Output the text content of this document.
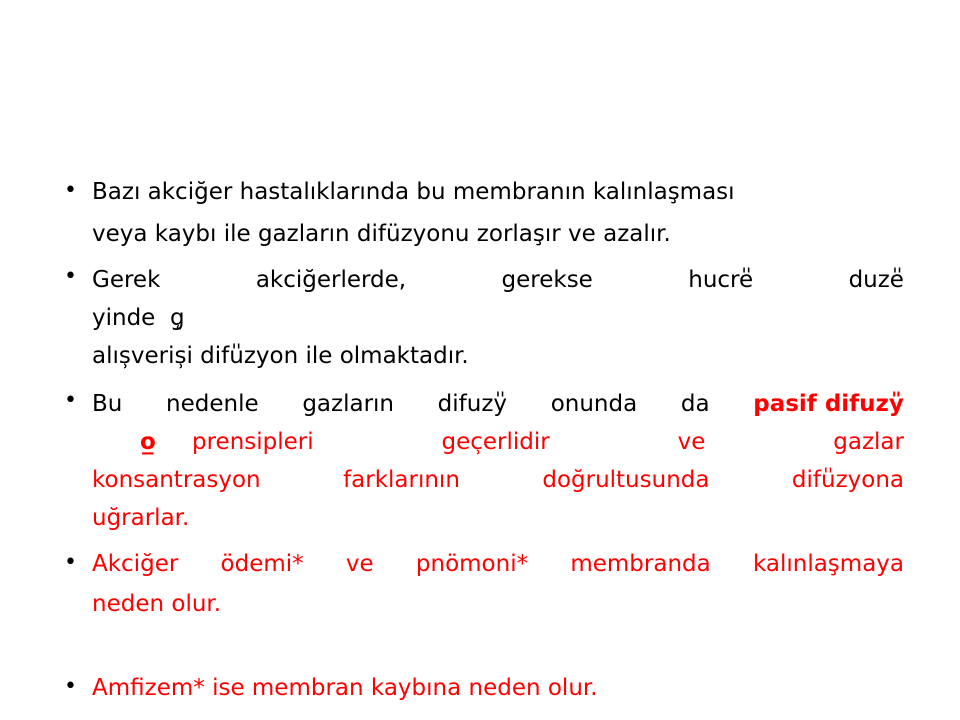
• Bazı akciğer hastalıklarında bu membranın kalınlaşması
veya kaybı ile gazların difüzyonu zorlaşır ve azalır.
• Gerek	akciğerlerde,	gerekse	hucre̎	duze̎
yinde  g̨
alıs̹veris̹i difu̎zyon ile olmaktadır.
• Bu nedenle gazların difuzy̎ onunda da pasif difuzy̎
o̲	prensipleri	gec̹erlidir	ve	gazlar
konsantrasyon	farklarının	doğrultusunda	difu̎zyona
uğrarlar.
• Akciğer ödemi* ve pnömoni* membranda kalınlaşmaya
neden olur.
• Amfizem* ise membran kaybına neden olur.
